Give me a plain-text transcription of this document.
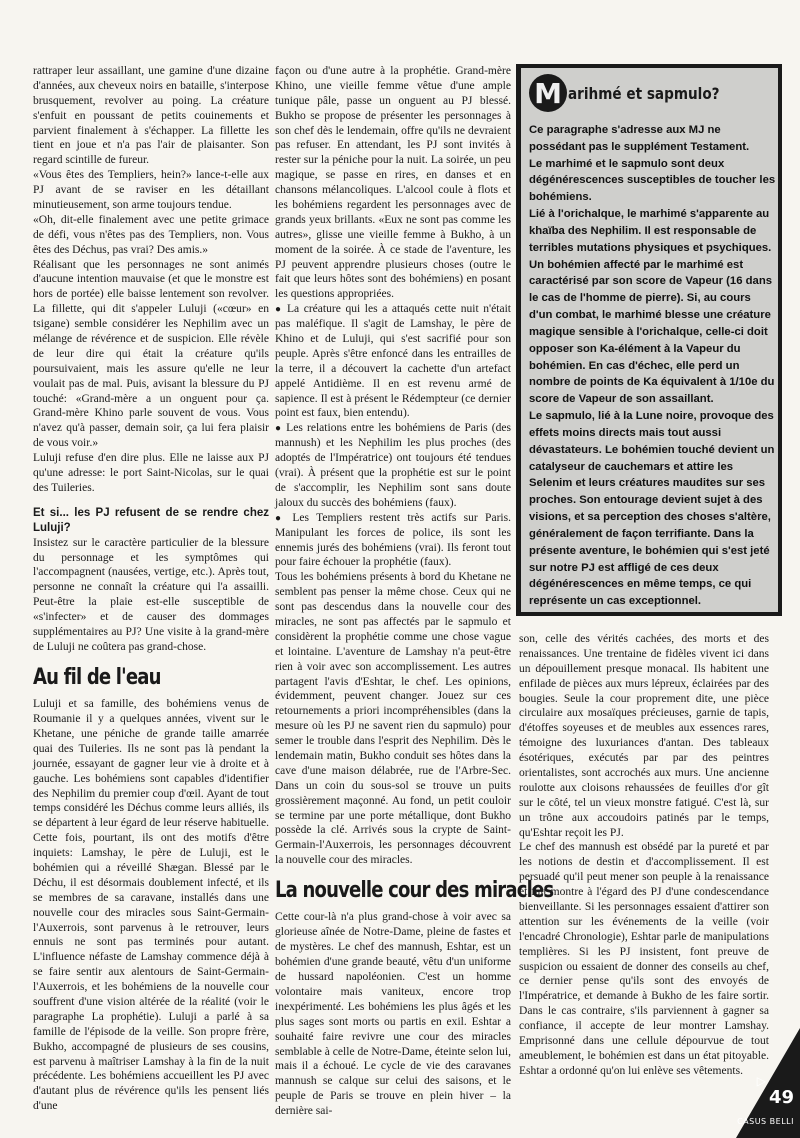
rattraper leur assaillant, une gamine d'une dizaine d'années, aux cheveux noirs en bataille, s'interpose brusquement, revolver au poing. La créature s'enfuit en poussant de petits couinements et parvient finalement à s'échapper. La fillette les tient en joue et n'a pas l'air de plaisanter. Son regard scintille de fureur.

«Vous êtes des Templiers, hein?» lance-t-elle aux PJ avant de se raviser en les détaillant minutieusement, son arme toujours tendue.

«Oh, dit-elle finalement avec une petite grimace de défi, vous n'êtes pas des Templiers, non. Vous êtes des Déchus, pas vrai? Des amis.»

Réalisant que les personnages ne sont animés d'aucune intention mauvaise (et que le monstre est hors de portée) elle baisse lentement son revolver. La fillette, qui dit s'appeler Luluji («cœur» en tsigane) semble considérer les Nephilim avec un mélange de révérence et de suspicion. Elle révèle de leur dire qui était la créature qu'ils poursuivaient, mais les assure qu'elle ne leur voulait pas de mal. Puis, avisant la blessure du PJ touché: «Grand-mère a un onguent pour ça. Grand-mère Khino parle souvent de vous. Vous n'avez qu'à passer, demain soir, ça lui fera plaisir de vous voir.»

Luluji refuse d'en dire plus. Elle ne laisse aux PJ qu'une adresse: le port Saint-Nicolas, sur le quai des Tuileries.

Et si... les PJ refusent de se rendre chez Luluji?

Insistez sur le caractère particulier de la blessure du personnage et les symptômes qui l'accompagnent (nausées, vertige, etc.). Après tout, personne ne connaît la créature qui l'a assailli. Peut-être la plaie est-elle susceptible de «s'infecter» et de causer des dommages supplémentaires au PJ? Une visite à la grand-mère de Luluji ne coûtera pas grand-chose.

Au fil de l'eau

Luluji et sa famille, des bohémiens venus de Roumanie il y a quelques années, vivent sur le Khetane, une péniche de grande taille amarrée quai des Tuileries. Ils ne sont pas là pendant la journée, essayant de gagner leur vie à droite et à gauche. Les bohémiens sont capables d'identifier des Nephilim du premier coup d'œil. Ayant de tout temps considéré les Déchus comme leurs alliés, ils se départent à leur égard de leur réserve habituelle. Cette fois, pourtant, ils ont des motifs d'être inquiets: Lamshay, le père de Luluji, est le bohémien qui a réveillé Shægan. Blessé par le Déchu, il est désormais doublement infecté, et ils se membres de sa caravane, installés dans une nouvelle cour des miracles sous Saint-Germain-l'Auxerrois, sont parvenus à le retrouver, leurs ennuis ne sont pas terminés pour autant. L'influence néfaste de Lamshay commence déjà à se faire sentir aux alentours de Saint-Germain-l'Auxerrois, et les bohémiens de la nouvelle cour souffrent d'une vision altérée de la réalité (voir le paragraphe La prophétie). Luluji a parlé à sa famille de l'épisode de la veille. Son propre frère, Bukho, accompagné de plusieurs de ses cousins, est parvenu à maîtriser Lamshay à la fin de la nuit précédente. Les bohémiens accueillent les PJ avec d'autant plus de révérence qu'ils les pensent liés d'une

façon ou d'une autre à la prophétie. Grand-mère Khino, une vieille femme vêtue d'une ample tunique pâle, passe un onguent au PJ blessé. Bukho se propose de présenter les personnages à son chef dès le lendemain, offre qu'ils ne devraient pas refuser. En attendant, les PJ sont invités à rester sur la péniche pour la nuit. La soirée, un peu magique, se passe en rires, en danses et en chansons mélancoliques. L'alcool coule à flots et les bohémiens regardent les personnages avec de grands yeux brillants. «Eux ne sont pas comme les autres», glisse une vieille femme à Bukho, à un moment de la soirée. À ce stade de l'aventure, les PJ peuvent apprendre plusieurs choses (outre le fait que leurs hôtes sont des bohémiens) en posant les questions appropriées.

● La créature qui les a attaqués cette nuit n'était pas maléfique. Il s'agit de Lamshay, le père de Khino et de Luluji, qui s'est sacrifié pour son peuple. Après s'être enfoncé dans les entrailles de la terre, il a découvert la cachette d'un artefact appelé Antidième. Il en est revenu armé de sapience. Il est à présent le Rédempteur (ce dernier point est faux, bien entendu).

● Les relations entre les bohémiens de Paris (des mannush) et les Nephilim les plus proches (des adoptés de l'Impératrice) ont toujours été tendues (vrai). À présent que la prophétie est sur le point de s'accomplir, les Nephilim sont sans doute jaloux du succès des bohémiens (faux).

● Les Templiers restent très actifs sur Paris. Manipulant les forces de police, ils sont les ennemis jurés des bohémiens (vrai). Ils feront tout pour faire échouer la prophétie (faux).

Tous les bohémiens présents à bord du Khetane ne semblent pas penser la même chose. Ceux qui ne sont pas descendus dans la nouvelle cour des miracles, ne sont pas affectés par le sapmulo et considèrent la prophétie comme une chose vague et lointaine. L'aventure de Lamshay n'a peut-être rien à voir avec son accomplissement. Les autres partagent l'avis d'Eshtar, le chef. Les opinions, évidemment, peuvent changer. Jouez sur ces retournements a priori incompréhensibles (dans la mesure où les PJ ne savent rien du sapmulo) pour semer le trouble dans l'esprit des Nephilim. Dès le lendemain matin, Bukho conduit ses hôtes dans la cave d'une maison délabrée, rue de l'Arbre-Sec. Dans un coin du sous-sol se trouve un puits grossièrement maçonné. Au fond, un petit couloir se termine par une porte métallique, dont Bukho possède la clé. Arrivés sous la crypte de Saint-Germain-l'Auxerrois, les personnages découvrent la nouvelle cour des miracles.

La nouvelle cour des miracles

Cette cour-là n'a plus grand-chose à voir avec sa glorieuse aînée de Notre-Dame, pleine de fastes et de mystères. Le chef des mannush, Eshtar, est un bohémien d'une grande beauté, vêtu d'un uniforme de hussard napoléonien. C'est un homme volontaire mais vaniteux, encore trop inexpérimenté. Les bohémiens les plus âgés et les plus sages sont morts ou partis en exil. Eshtar a souhaité faire revivre une cour des miracles semblable à celle de Notre-Dame, éteinte selon lui, mais il a échoué. Le cycle de vie des caravanes mannush se calque sur celui des saisons, et le peuple de Paris se trouve en plein hiver – la dernière sai-

M arihmé et sapmulo?

Ce paragraphe s'adresse aux MJ ne possédant pas le supplément Testament.

Le marhimé et le sapmulo sont deux dégénérescences susceptibles de toucher les bohémiens.

Lié à l'orichalque, le marhimé s'apparente au khaïba des Nephilim. Il est responsable de terribles mutations physiques et psychiques. Un bohémien affecté par le marhimé est caractérisé par son score de Vapeur (16 dans le cas de l'homme de pierre). Si, au cours d'un combat, le marhimé blesse une créature magique sensible à l'orichalque, celle-ci doit opposer son Ka-élément à la Vapeur du bohémien. En cas d'échec, elle perd un nombre de points de Ka équivalent à 1/10e du score de Vapeur de son assaillant.

Le sapmulo, lié à la Lune noire, provoque des effets moins directs mais tout aussi dévastateurs. Le bohémien touché devient un catalyseur de cauchemars et attire les Selenim et leurs créatures maudites sur ses proches. Son entourage devient sujet à des visions, et sa perception des choses s'altère, généralement de façon terrifiante. Dans la présente aventure, le bohémien qui s'est jeté sur notre PJ est affligé de ces deux dégénérescences en même temps, ce qui représente un cas exceptionnel.

son, celle des vérités cachées, des morts et des renaissances. Une trentaine de fidèles vivent ici dans un dépouillement presque monacal. Ils habitent une enfilade de pièces aux murs lépreux, éclairées par des bougies. Seule la cour proprement dite, une pièce circulaire aux mosaïques précieuses, garnie de tapis, d'étoffes soyeuses et de meubles aux essences rares, témoigne des luxuriances d'antan. Des tableaux ésotériques, exécutés par par des peintres orientalistes, sont accrochés aux murs. Une ancienne roulotte aux cloisons rehaussées de feuilles d'or gît sur le côté, tel un vieux monstre fatigué. C'est là, sur un trône aux accoudoirs patinés par le temps, qu'Eshtar reçoit les PJ.

Le chef des mannush est obsédé par la pureté et par les notions de destin et d'accomplissement. Il est persuadé qu'il peut mener son peuple à la renaissance et fait montre à l'égard des PJ d'une condescendance bienveillante. Si les personnages essaient d'attirer son attention sur les événements de la veille (voir l'encadré Chronologie), Eshtar parle de manipulations templières. Si les PJ insistent, font preuve de suspicion ou essaient de donner des conseils au chef, ce dernier pense qu'ils sont des envoyés de l'Impératrice, et demande à Bukho de les faire sortir. Dans le cas contraire, s'ils parviennent à gagner sa confiance, il accepte de leur montrer Lamshay. Emprisonné dans une cellule dépourvue de tout ameublement, le bohémien est dans un état pitoyable. Eshtar a ordonné qu'on lui enlève ses vêtements.

▷
49
CASUS BELLI
